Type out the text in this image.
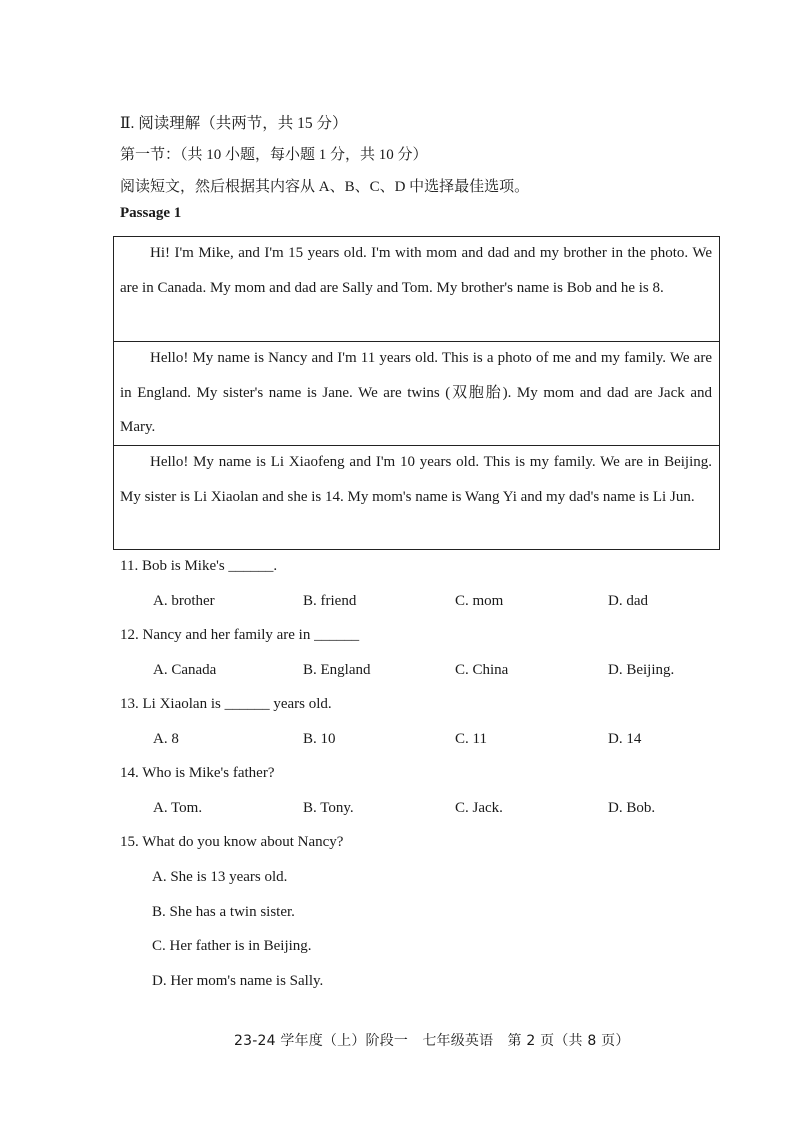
Ⅱ. 阅读理解（共两节，共 15 分）
第一节：（共 10 小题，每小题 1 分，共 10 分）
阅读短文，然后根据其内容从 A、B、C、D 中选择最佳选项。
Passage 1

Hi! I'm Mike, and I'm 15 years old. I'm with mom and dad and my brother in the photo. We are in Canada. My mom and dad are Sally and Tom. My brother's name is Bob and he is 8.

Hello! My name is Nancy and I'm 11 years old. This is a photo of me and my family. We are in England. My sister's name is Jane. We are twins (双胞胎). My mom and dad are Jack and Mary.

Hello! My name is Li Xiaofeng and I'm 10 years old. This is my family. We are in Beijing. My sister is Li Xiaolan and she is 14. My mom's name is Wang Yi and my dad's name is Li Jun.

11. Bob is Mike's ______.
A. brother	B. friend	C. mom	D. dad
12. Nancy and her family are in ______
A. Canada	B. England	C. China	D. Beijing.
13. Li Xiaolan is ______ years old.
A. 8	B. 10	C. 11	D. 14
14. Who is Mike's father?
A. Tom.	B. Tony.	C. Jack.	D. Bob.
15. What do you know about Nancy?
A. She is 13 years old.
B. She has a twin sister.
C. Her father is in Beijing.
D. Her mom's name is Sally.
23-24 学年度（上）阶段一　七年级英语　第 2 页（共 8 页）
